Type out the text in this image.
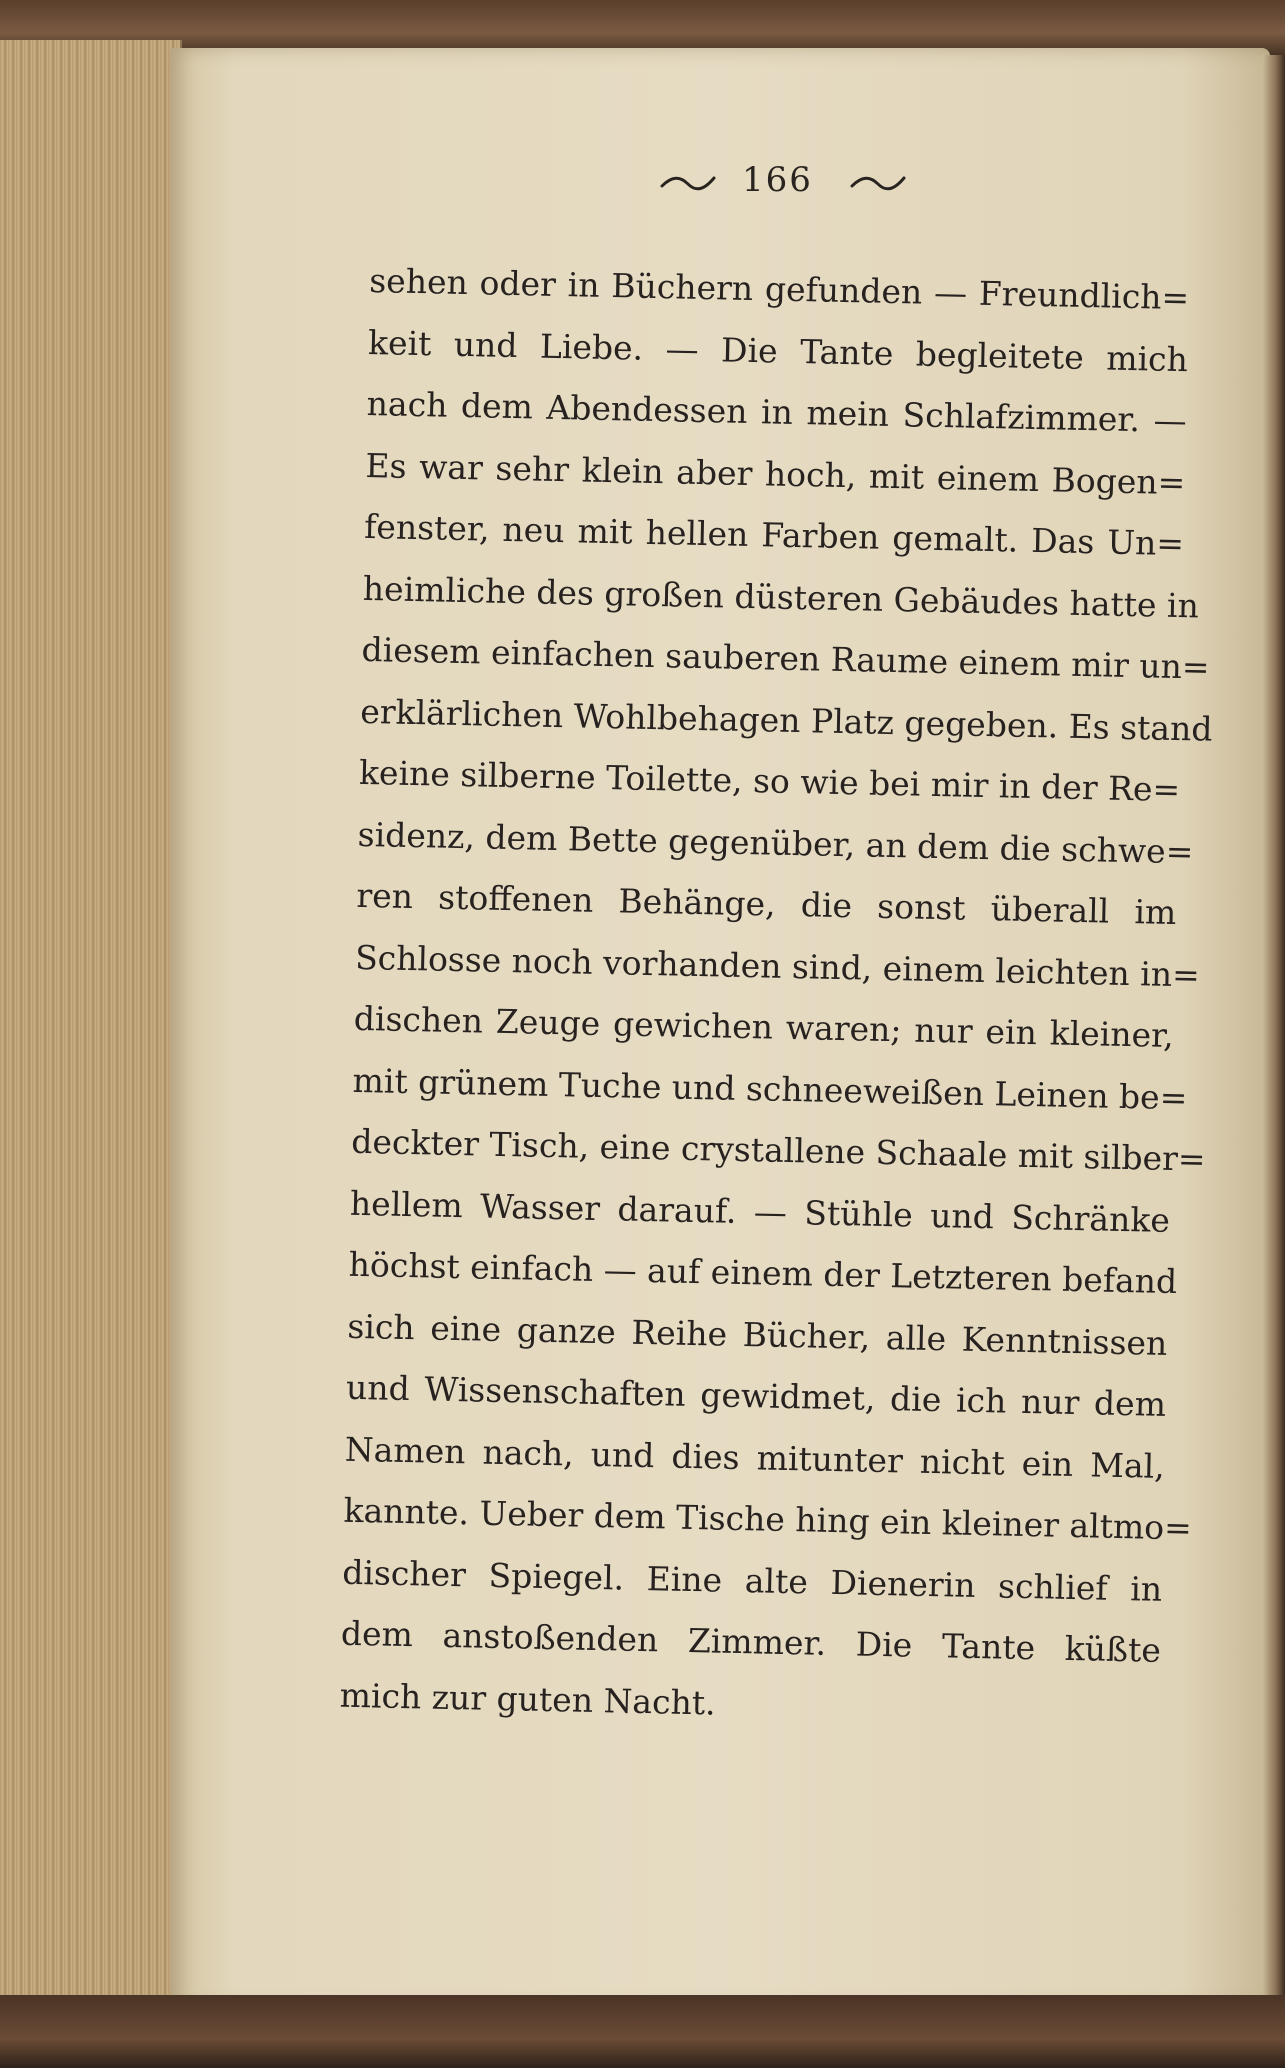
166
sehen oder in Büchern gefunden — Freundlich=
keit und Liebe. — Die Tante begleitete mich
nach dem Abendessen in mein Schlafzimmer. —
Es war sehr klein aber hoch, mit einem Bogen=
fenster, neu mit hellen Farben gemalt. Das Un=
heimliche des großen düsteren Gebäudes hatte in
diesem einfachen sauberen Raume einem mir un=
erklärlichen Wohlbehagen Platz gegeben. Es stand
keine silberne Toilette, so wie bei mir in der Re=
sidenz, dem Bette gegenüber, an dem die schwe=
ren stoffenen Behänge, die sonst überall im
Schlosse noch vorhanden sind, einem leichten in=
dischen Zeuge gewichen waren; nur ein kleiner,
mit grünem Tuche und schneeweißen Leinen be=
deckter Tisch, eine crystallene Schaale mit silber=
hellem Wasser darauf. — Stühle und Schränke
höchst einfach — auf einem der Letzteren befand
sich eine ganze Reihe Bücher, alle Kenntnissen
und Wissenschaften gewidmet, die ich nur dem
Namen nach, und dies mitunter nicht ein Mal,
kannte. Ueber dem Tische hing ein kleiner altmo=
discher Spiegel. Eine alte Dienerin schlief in
dem anstoßenden Zimmer. Die Tante küßte
mich zur guten Nacht.
